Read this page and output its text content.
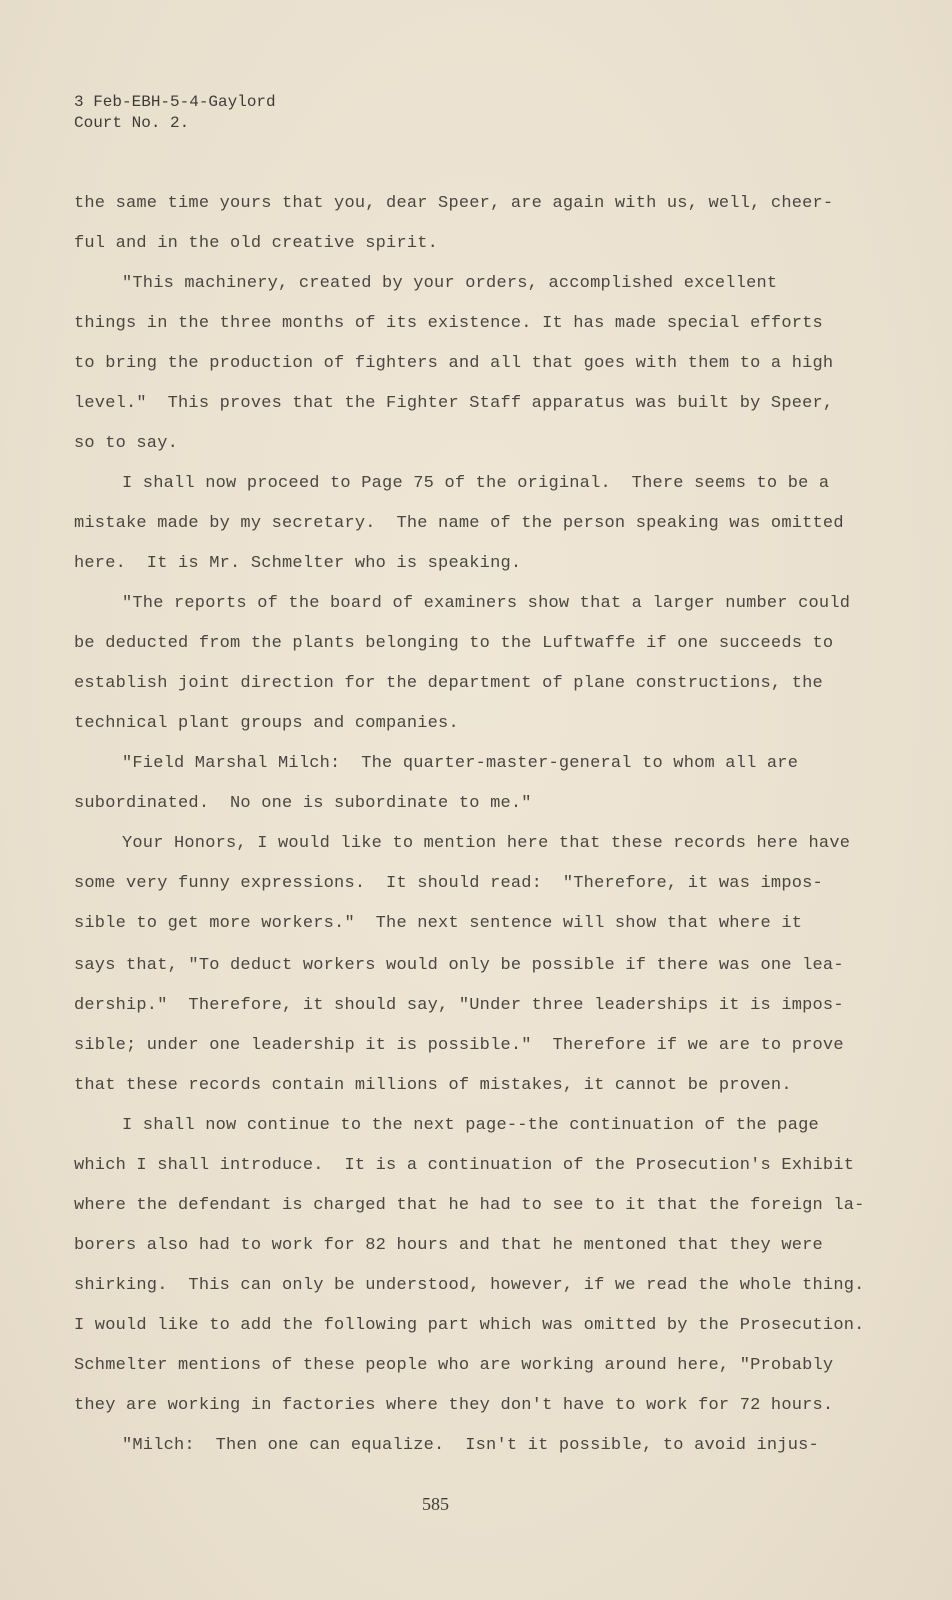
3 Feb-EBH-5-4-Gaylord
Court No. 2.
the same time yours that you, dear Speer, are again with us, well, cheer-
ful and in the old creative spirit.
"This machinery, created by your orders, accomplished excellent
things in the three months of its existence. It has made special efforts
to bring the production of fighters and all that goes with them to a high
level."  This proves that the Fighter Staff apparatus was built by Speer,
so to say.
I shall now proceed to Page 75 of the original.  There seems to be a
mistake made by my secretary.  The name of the person speaking was omitted
here.  It is Mr. Schmelter who is speaking.
"The reports of the board of examiners show that a larger number could
be deducted from the plants belonging to the Luftwaffe if one succeeds to
establish joint direction for the department of plane constructions, the
technical plant groups and companies.
"Field Marshal Milch:  The quarter-master-general to whom all are
subordinated.  No one is subordinate to me."
Your Honors, I would like to mention here that these records here have
some very funny expressions.  It should read:  "Therefore, it was impos-
sible to get more workers."  The next sentence will show that where it
says that, "To deduct workers would only be possible if there was one lea-
dership."  Therefore, it should say, "Under three leaderships it is impos-
sible; under one leadership it is possible."  Therefore if we are to prove
that these records contain millions of mistakes, it cannot be proven.
I shall now continue to the next page--the continuation of the page
which I shall introduce.  It is a continuation of the Prosecution's Exhibit
where the defendant is charged that he had to see to it that the foreign la-
borers also had to work for 82 hours and that he mentoned that they were
shirking.  This can only be understood, however, if we read the whole thing.
I would like to add the following part which was omitted by the Prosecution.
Schmelter mentions of these people who are working around here, "Probably
they are working in factories where they don't have to work for 72 hours.
"Milch:  Then one can equalize.  Isn't it possible, to avoid injus-
585
